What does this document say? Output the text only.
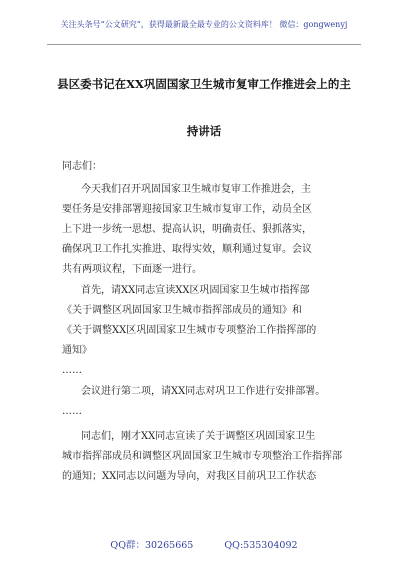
关注头条号“公文研究”，获得最新最全最专业的公文资料库！ 微信：gongwenyj
县区委书记在XX巩固国家卫生城市复审工作推进会上的主
持讲话

同志们：

今天我们召开巩固国家卫生城市复审工作推进会，主

要任务是安排部署迎接国家卫生城市复审工作，动员全区

上下进一步统一思想、提高认识，明确责任、狠抓落实，

确保巩卫工作扎实推进、取得实效，顺利通过复审。会议

共有两项议程，下面逐一进行。

首先，请XX同志宣读XX区巩固国家卫生城市指挥部

《关于调整区巩固国家卫生城市指挥部成员的通知》和

《关于调整XX区巩固国家卫生城市专项整治工作指挥部的

通知》

……

会议进行第二项，请XX同志对巩卫工作进行安排部署。

……

同志们，刚才XX同志宣读了关于调整区巩固国家卫生

城市指挥部成员和调整区巩固国家卫生城市专项整治工作指挥部

的通知；XX同志以问题为导向，对我区目前巩卫工作状态

QQ群：30265665	QQ:535304092
